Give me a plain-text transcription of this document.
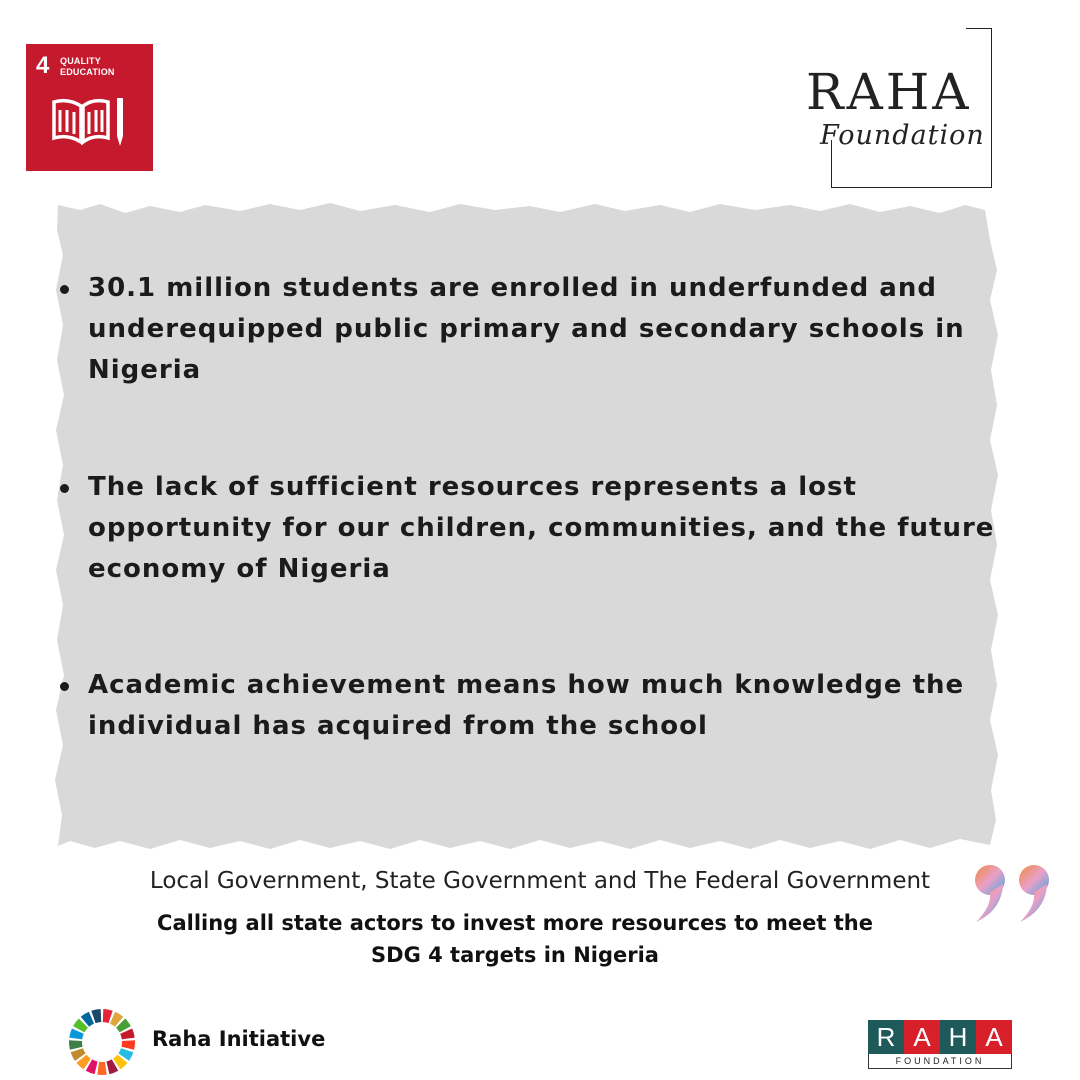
4 QUALITY
EDUCATION	RAHA
Foundation
30.1 million students are enrolled in underfunded and underequipped public primary and secondary schools in Nigeria
The lack of sufficient resources represents a lost opportunity for our children, communities, and the future economy of Nigeria
Academic achievement means how much knowledge the individual has acquired from the school
Local Government, State Government and The Federal Government
Calling all state actors to invest more resources to meet the SDG 4 targets in Nigeria
Raha Initiative	R A H A
FOUNDATION
